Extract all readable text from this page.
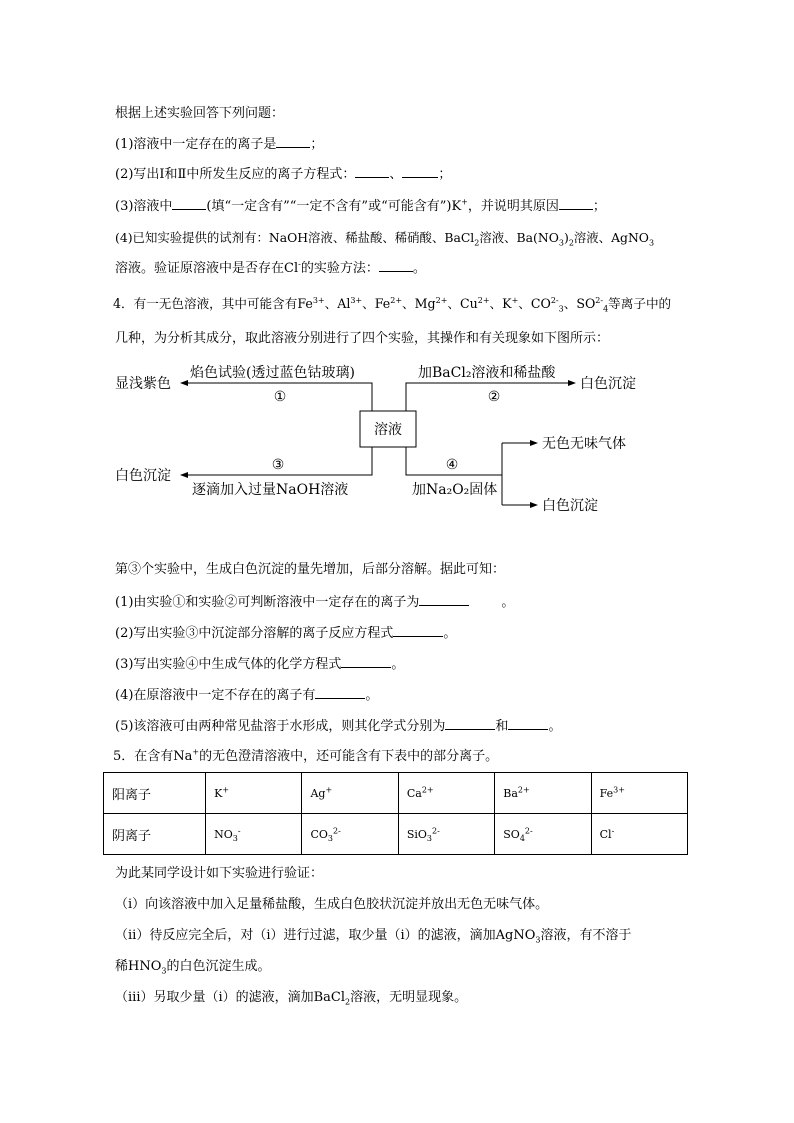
根据上述实验回答下列问题：
(1)溶液中一定存在的离子是	；
(2)写出Ⅰ和Ⅱ中所发生反应的离子方程式：	、	；
(3)溶液中	(填“一定含有”“一定不含有”或“可能含有”)K+，并说明其原因	；
(4)已知实验提供的试剂有：NaOH溶液、稀盐酸、稀硝酸、BaCl$_2$溶液、$Ba(NO_3)_2$溶液、AgNO$_3$
溶液。验证原溶液中是否存在Cl-的实验方法：	。
4．有一无色溶液，其中可能含有$Fe^{3+}$、$Al^{3+}$、$Fe^{2+}$、$Mg^{2+}$、$Cu^{2+}$、K+、$CO^{2-}_3$、$SO^{2-}_4$等离子中的
几种，为分析其成分，取此溶液分别进行了四个实验，其操作和有关现象如下图所示：
溶液
焰色试验(透过蓝色钴玻璃)
①
显浅紫色
加BaCl₂溶液和稀盐酸
②
白色沉淀
③
逐滴加入过量NaOH溶液
白色沉淀
④
加Na₂O₂固体
无色无味气体
白色沉淀
第③个实验中，生成白色沉淀的量先增加，后部分溶解。据此可知：
(1)由实验①和实验②可判断溶液中一定存在的离子为	。
(2)写出实验③中沉淀部分溶解的离子反应方程式	。
(3)写出实验④中生成气体的化学方程式	。
(4)在原溶液中一定不存在的离子有	。
(5)该溶液可由两种常见盐溶于水形成，则其化学式分别为	和	。
5．在含有Na+的无色澄清溶液中，还可能含有下表中的部分离子。
阳离子	K+	Ag+	$Ca^{2+}$	$Ba^{2+}$	$Fe^{3+}$
阴离子	$NO_3^-$	$CO_3^{2-}$	SiO$_3^{2-}$	$SO_4^{2-}$	Cl-
为此某同学设计如下实验进行验证：
（ⅰ）向该溶液中加入足量稀盐酸，生成白色胶状沉淀并放出无色无味气体。
（ⅱ）待反应完全后，对（ⅰ）进行过滤，取少量（ⅰ）的滤液，滴加AgNO$_3$溶液，有不溶于
稀$HNO_3$的白色沉淀生成。
（ⅲ）另取少量（ⅰ）的滤液，滴加BaCl$_2$溶液，无明显现象。
